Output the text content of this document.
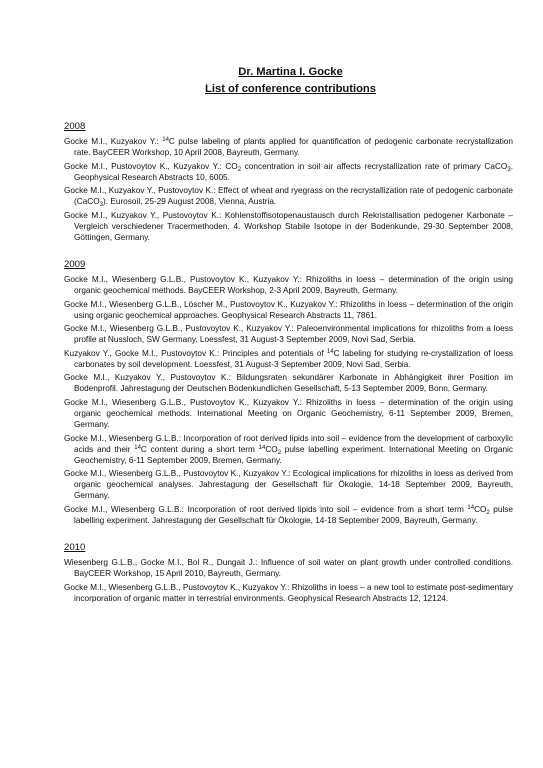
Dr. Martina I. Gocke
List of conference contributions
2008

Gocke M.I., Kuzyakov Y.: $^{14}$C pulse labeling of plants applied for quantification of pedogenic carbonate recrystallization rate. BayCEER Workshop, 10 April 2008, Bayreuth, Germany.

Gocke M.I., Pustovoytov K., Kuzyakov Y.: $CO_2$ concentration in soil air affects recrystallization rate of primary CaCO$_3$. Geophysical Research Abstracts 10, 6005.

Gocke M.I., Kuzyakov Y., Pustovoytov K.: Effect of wheat and ryegrass on the recrystallization rate of pedogenic carbonate (CaCO$_3$). Eurosoil, 25-29 August 2008, Vienna, Austria.

Gocke M.I., Kuzyakov Y., Pustovoytov K.: Kohlenstoffisotopenaustausch durch Rekristallisation pedogener Karbonate – Vergleich verschiedener Tracermethoden. 4. Workshop Stabile Isotope in der Bodenkunde, 29-30 September 2008, Göttingen, Germany.

2009

Gocke M.I., Wiesenberg G.L.B., Pustovoytov K., Kuzyakov Y.: Rhizoliths in loess – determination of the origin using organic geochemical methods. BayCEER Workshop, 2-3 April 2009, Bayreuth, Germany.

Gocke M.I., Wiesenberg G.L.B., Löscher M., Pustovoytov K., Kuzyakov Y.: Rhizoliths in loess – determination of the origin using organic geochemical approaches. Geophysical Research Abstracts 11, 7861.

Gocke M.I., Wiesenberg G.L.B., Pustovoytov K., Kuzyakov Y.: Paleoenvironmental implications for rhizoliths from a loess profile at Nussloch, SW Germany. Loessfest, 31 August-3 September 2009, Novi Sad, Serbia.

Kuzyakov Y., Gocke M.I., Pustovoytov K.: Principles and potentials of $^{14}$C labeling for studying re-crystallization of loess carbonates by soil development. Loessfest, 31 August-3 September 2009, Novi Sad, Serbia.

Gocke M.I., Kuzyakov Y., Pustovoytov K.: Bildungsraten sekundärer Karbonate in Abhängigkeit ihrer Position im Bodenprofil. Jahrestagung der Deutschen Bodenkundlichen Gesellschaft, 5-13 September 2009, Bonn, Germany.

Gocke M.I., Wiesenberg G.L.B., Pustovoytov K., Kuzyakov Y.: Rhizoliths in loess – determination of the origin using organic geochemical methods. International Meeting on Organic Geochemistry, 6-11 September 2009, Bremen, Germany.

Gocke M.I., Wiesenberg G.L.B.: Incorporation of root derived lipids into soil – evidence from the development of carboxylic acids and their $^{14}$C content during a short term $^{14}CO_2$ pulse labelling experiment. International Meeting on Organic Geochemistry, 6-11 September 2009, Bremen, Germany.

Gocke M.I., Wiesenberg G.L.B., Pustovoytov K., Kuzyakov Y.: Ecological implications for rhizoliths in loess as derived from organic geochemical analyses. Jahrestagung der Gesellschaft für Ökologie, 14-18 September 2009, Bayreuth, Germany.

Gocke M.I., Wiesenberg G.L.B.: Incorporation of root derived lipids into soil – evidence from a short term $^{14}CO_2$ pulse labelling experiment. Jahrestagung der Gesellschaft für Ökologie, 14-18 September 2009, Bayreuth, Germany.

2010

Wiesenberg G.L.B., Gocke M.I., Bol R., Dungait J.: Influence of soil water on plant growth under controlled conditions. BayCEER Workshop, 15 April 2010, Bayreuth, Germany.

Gocke M.I., Wiesenberg G.L.B., Pustovoytov K., Kuzyakov Y.: Rhizoliths in loess – a new tool to estimate post-sedimentary incorporation of organic matter in terrestrial environments. Geophysical Research Abstracts 12, 12124.
